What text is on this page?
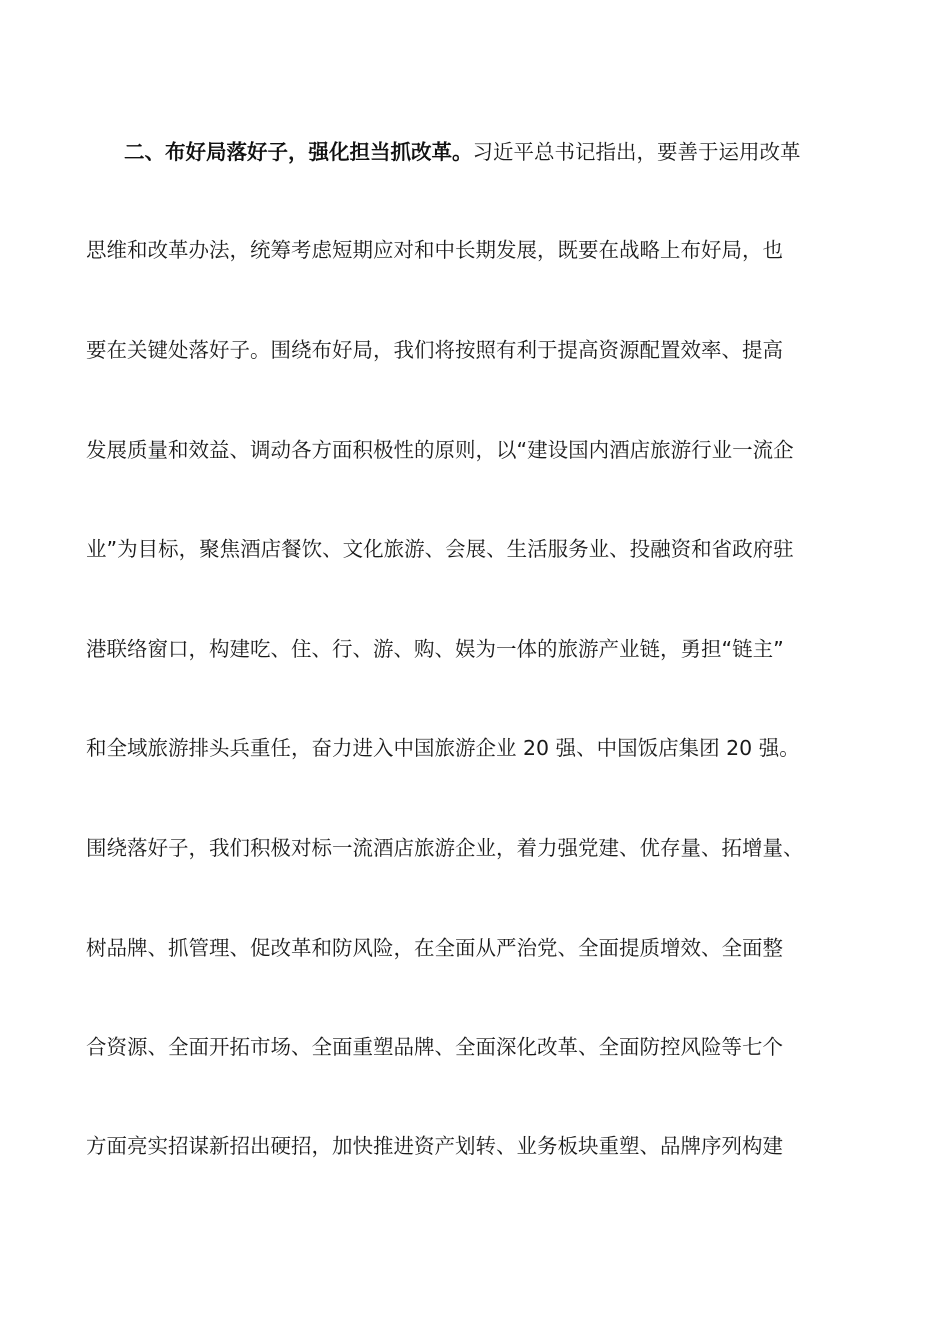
二、布好局落好子，强化担当抓改革。习近平总书记指出，要善于运用改革
思维和改革办法，统筹考虑短期应对和中长期发展，既要在战略上布好局，也
要在关键处落好子。围绕布好局，我们将按照有利于提高资源配置效率、提高
发展质量和效益、调动各方面积极性的原则，以“建设国内酒店旅游行业一流企
业”为目标，聚焦酒店餐饮、文化旅游、会展、生活服务业、投融资和省政府驻
港联络窗口，构建吃、住、行、游、购、娱为一体的旅游产业链，勇担“链主”
和全域旅游排头兵重任，奋力进入中国旅游企业 20 强、中国饭店集团 20 强。
围绕落好子，我们积极对标一流酒店旅游企业，着力强党建、优存量、拓增量、
树品牌、抓管理、促改革和防风险，在全面从严治党、全面提质增效、全面整
合资源、全面开拓市场、全面重塑品牌、全面深化改革、全面防控风险等七个
方面亮实招谋新招出硬招，加快推进资产划转、业务板块重塑、品牌序列构建
